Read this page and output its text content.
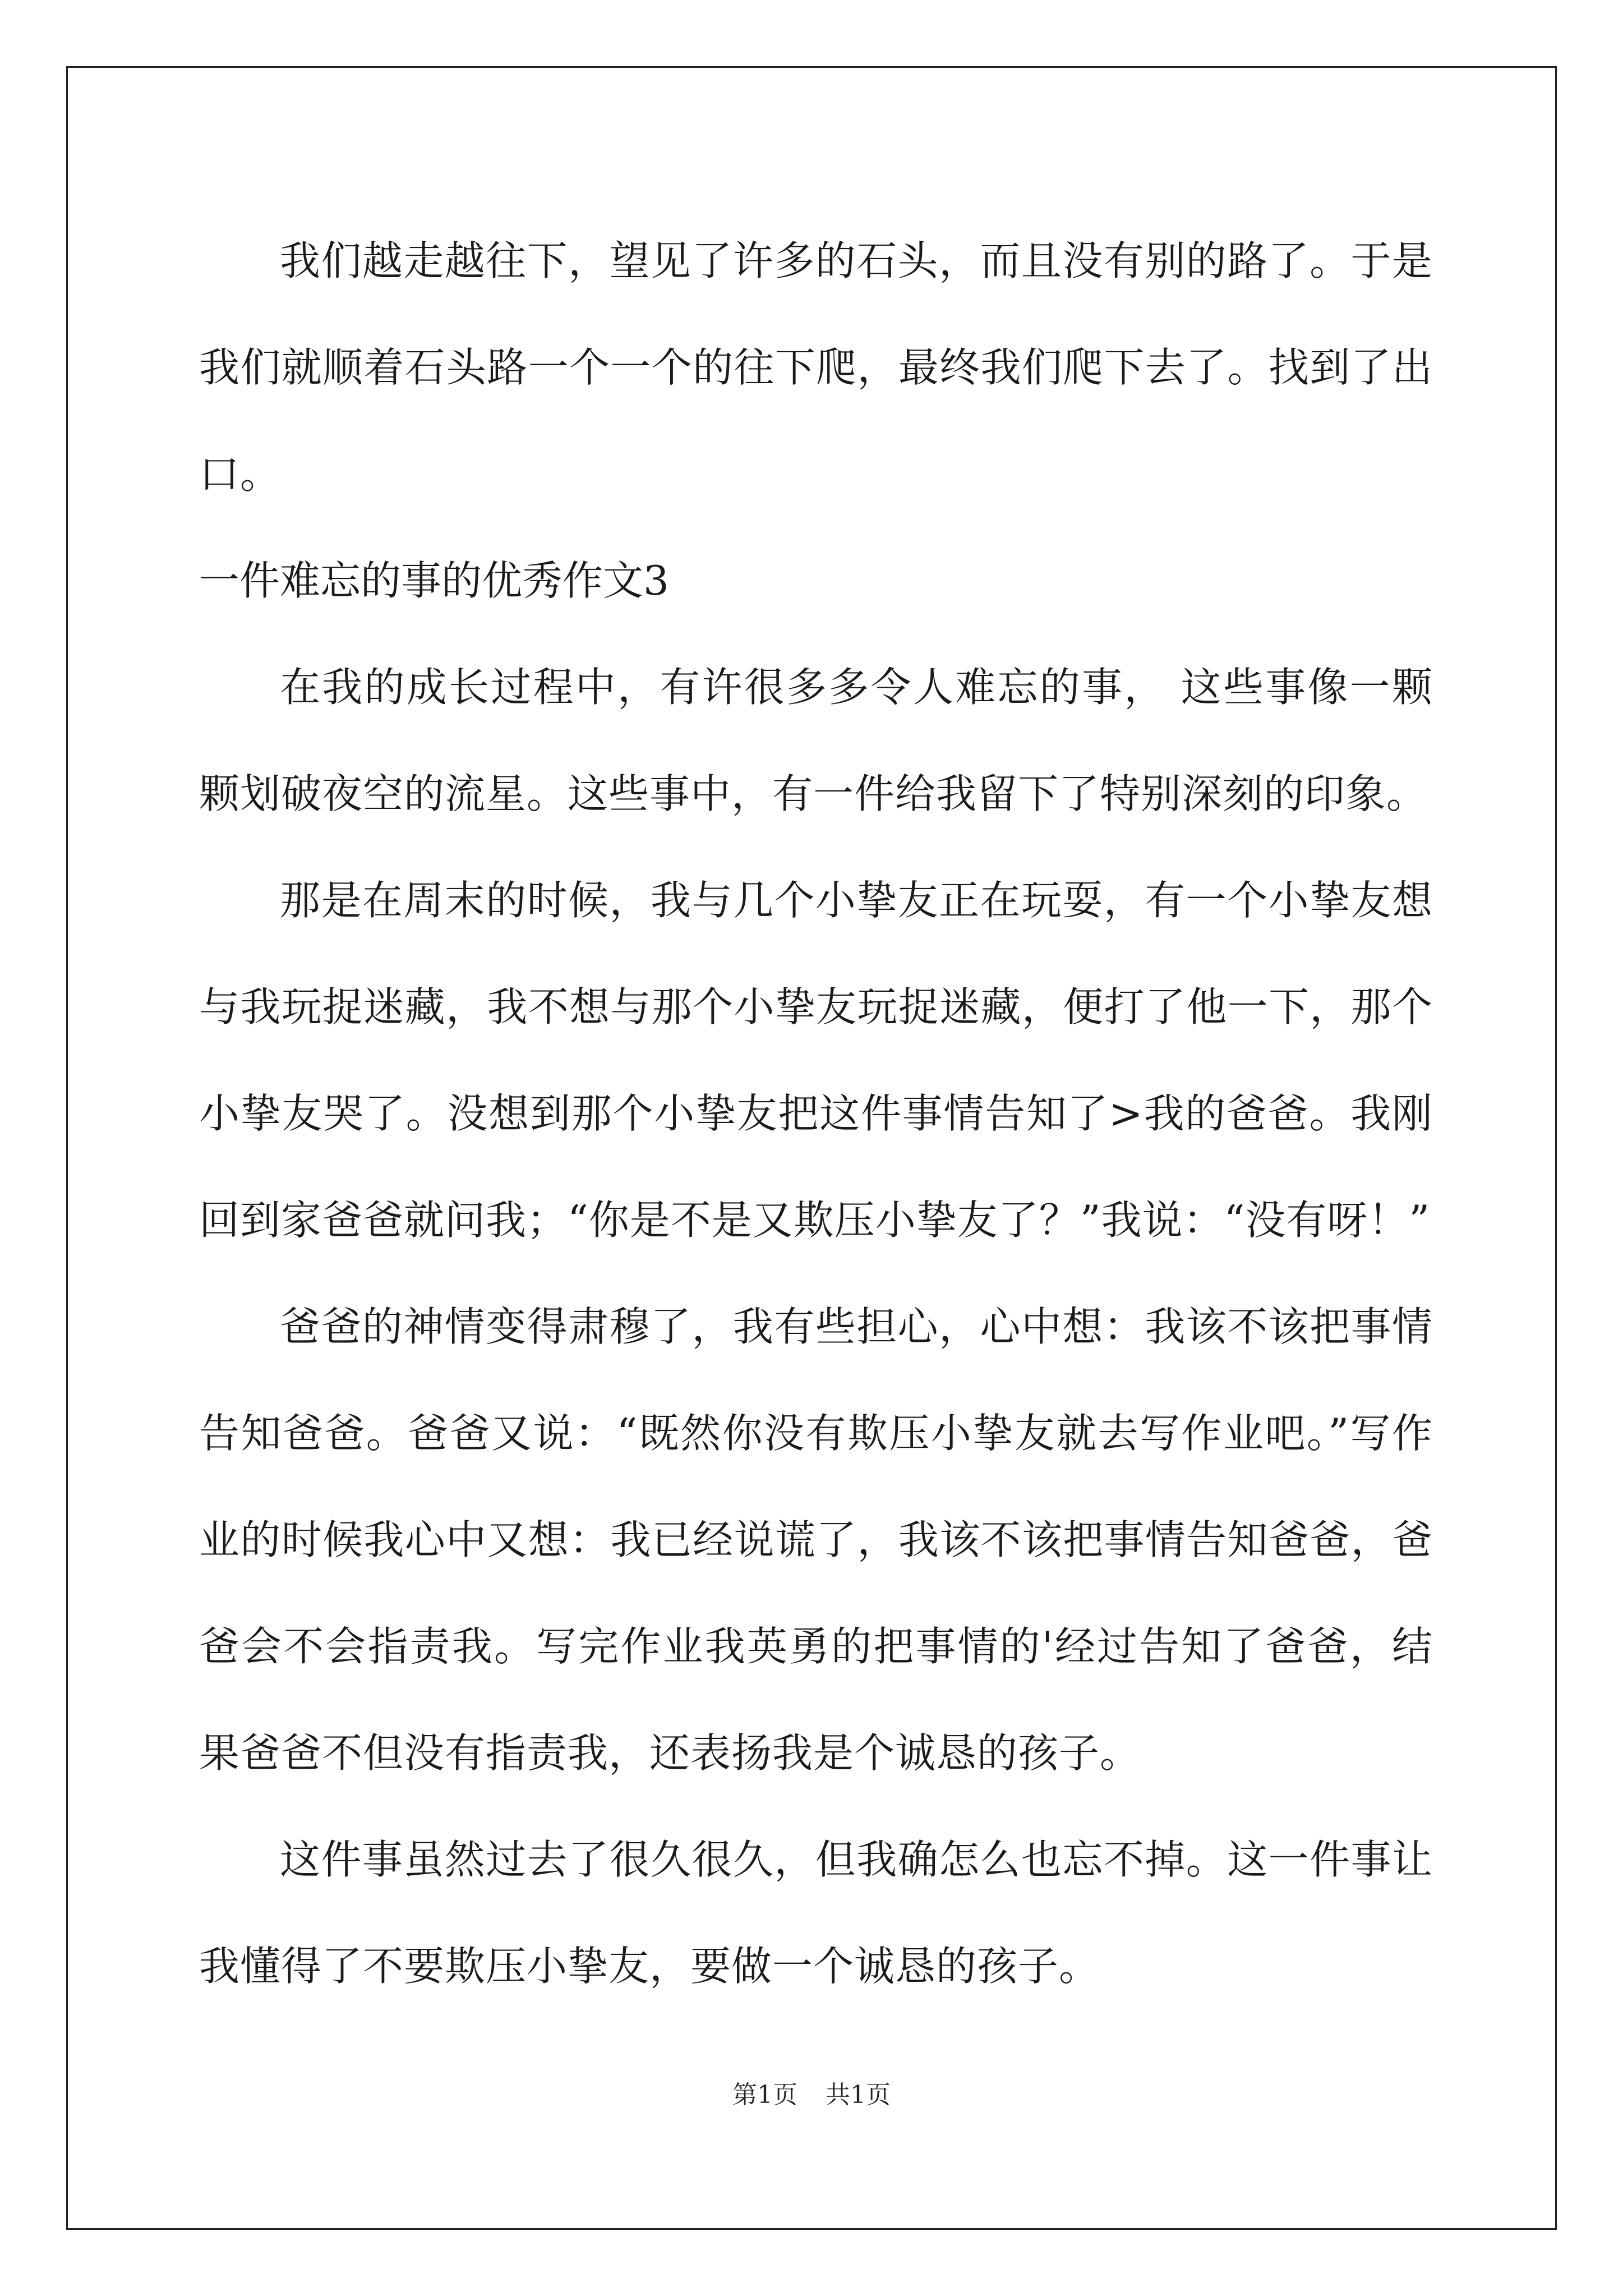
我们越走越往下，望见了许多的石头，而且没有别的路了。于是我们就顺着石头路一个一个的往下爬，最终我们爬下去了。找到了出口。

一件难忘的事的优秀作文3

在我的成长过程中，有许很多多令人难忘的事， 这些事像一颗颗划破夜空的流星。这些事中，有一件给我留下了特别深刻的印象。

那是在周末的时候，我与几个小挚友正在玩耍，有一个小挚友想与我玩捉迷藏，我不想与那个小挚友玩捉迷藏，便打了他一下，那个小挚友哭了。没想到那个小挚友把这件事情告知了>我的爸爸。我刚回到家爸爸就问我；“你是不是又欺压小挚友了？”我说：“没有呀！”

爸爸的神情变得肃穆了，我有些担心，心中想：我该不该把事情告知爸爸。爸爸又说：“既然你没有欺压小挚友就去写作业吧。”写作业的时候我心中又想：我已经说谎了，我该不该把事情告知爸爸，爸爸会不会指责我。写完作业我英勇的把事情的'经过告知了爸爸，结果爸爸不但没有指责我，还表扬我是个诚恳的孩子。

这件事虽然过去了很久很久，但我确怎么也忘不掉。这一件事让我懂得了不要欺压小挚友，要做一个诚恳的孩子。

第1页 共1页
